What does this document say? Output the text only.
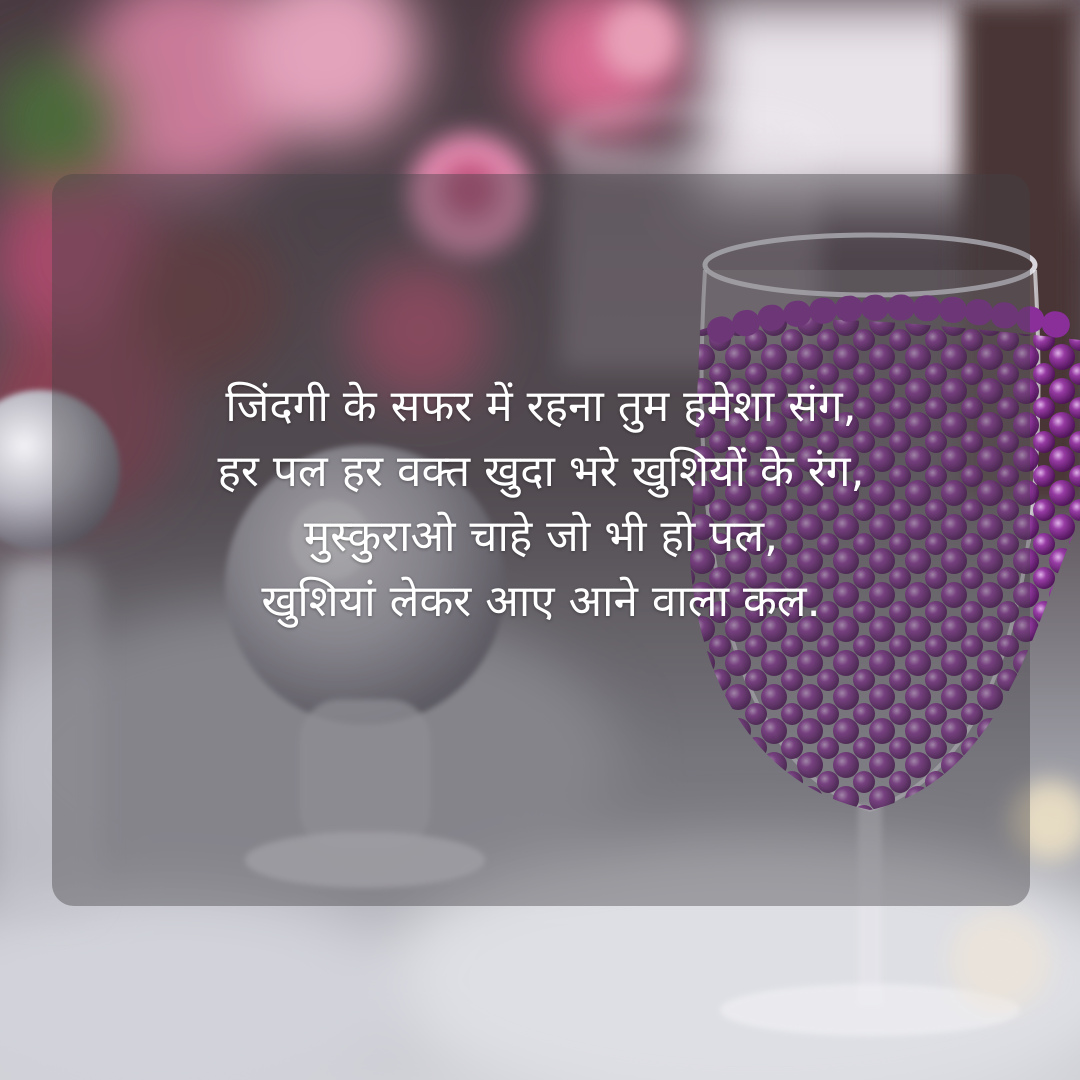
जिंदगी के सफर में रहना तुम हमेशा संग,
हर पल हर वक्त खुदा भरे खुशियों के रंग,
मुस्कुराओ चाहे जो भी हो पल,
खुशियां लेकर आए आने वाला कल.
